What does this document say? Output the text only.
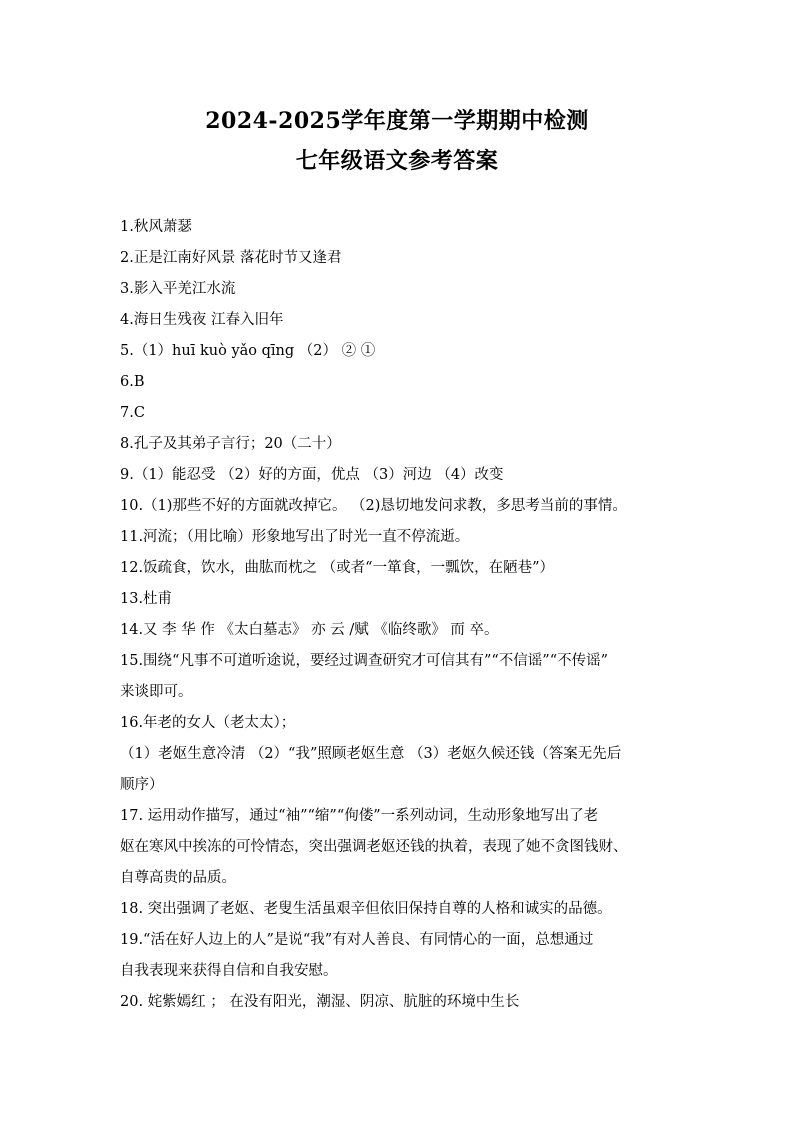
2024-2025学年度第一学期期中检测
七年级语文参考答案
1.秋风萧瑟
2.正是江南好风景 落花时节又逢君
3.影入平羌江水流
4.海日生残夜 江春入旧年
5.（1）huī kuò yǎo qīng （2） ② ①
6.B
7.C
8.孔子及其弟子言行；20（二十）
9.（1）能忍受 （2）好的方面，优点 （3）河边 （4）改变
10.（1)那些不好的方面就改掉它。 （2)恳切地发问求教，多思考当前的事情。
11.河流；（用比喻）形象地写出了时光一直不停流逝。
12.饭疏食，饮水，曲肱而枕之 （或者“一箪食，一瓢饮，在陋巷”）
13.杜甫
14.又 李 华 作 《太白墓志》 亦 云 /赋 《临终歌》 而 卒。
15.围绕“凡事不可道听途说，要经过调查研究才可信其有”“不信谣”“不传谣”
来谈即可。
16.年老的女人（老太太）；
（1）老妪生意冷清 （2）“我”照顾老妪生意 （3）老妪久候还钱（答案无先后
顺序）
17. 运用动作描写，通过“袖”“缩”“佝偻”一系列动词，生动形象地写出了老
妪在寒风中挨冻的可怜情态，突出强调老妪还钱的执着，表现了她不贪图钱财、
自尊高贵的品质。
18. 突出强调了老妪、老叟生活虽艰辛但依旧保持自尊的人格和诚实的品德。
19.“活在好人边上的人”是说“我”有对人善良、有同情心的一面，总想通过
自我表现来获得自信和自我安慰。
20. 姹紫嫣红 ； 在没有阳光，潮湿、阴凉、肮脏的环境中生长
